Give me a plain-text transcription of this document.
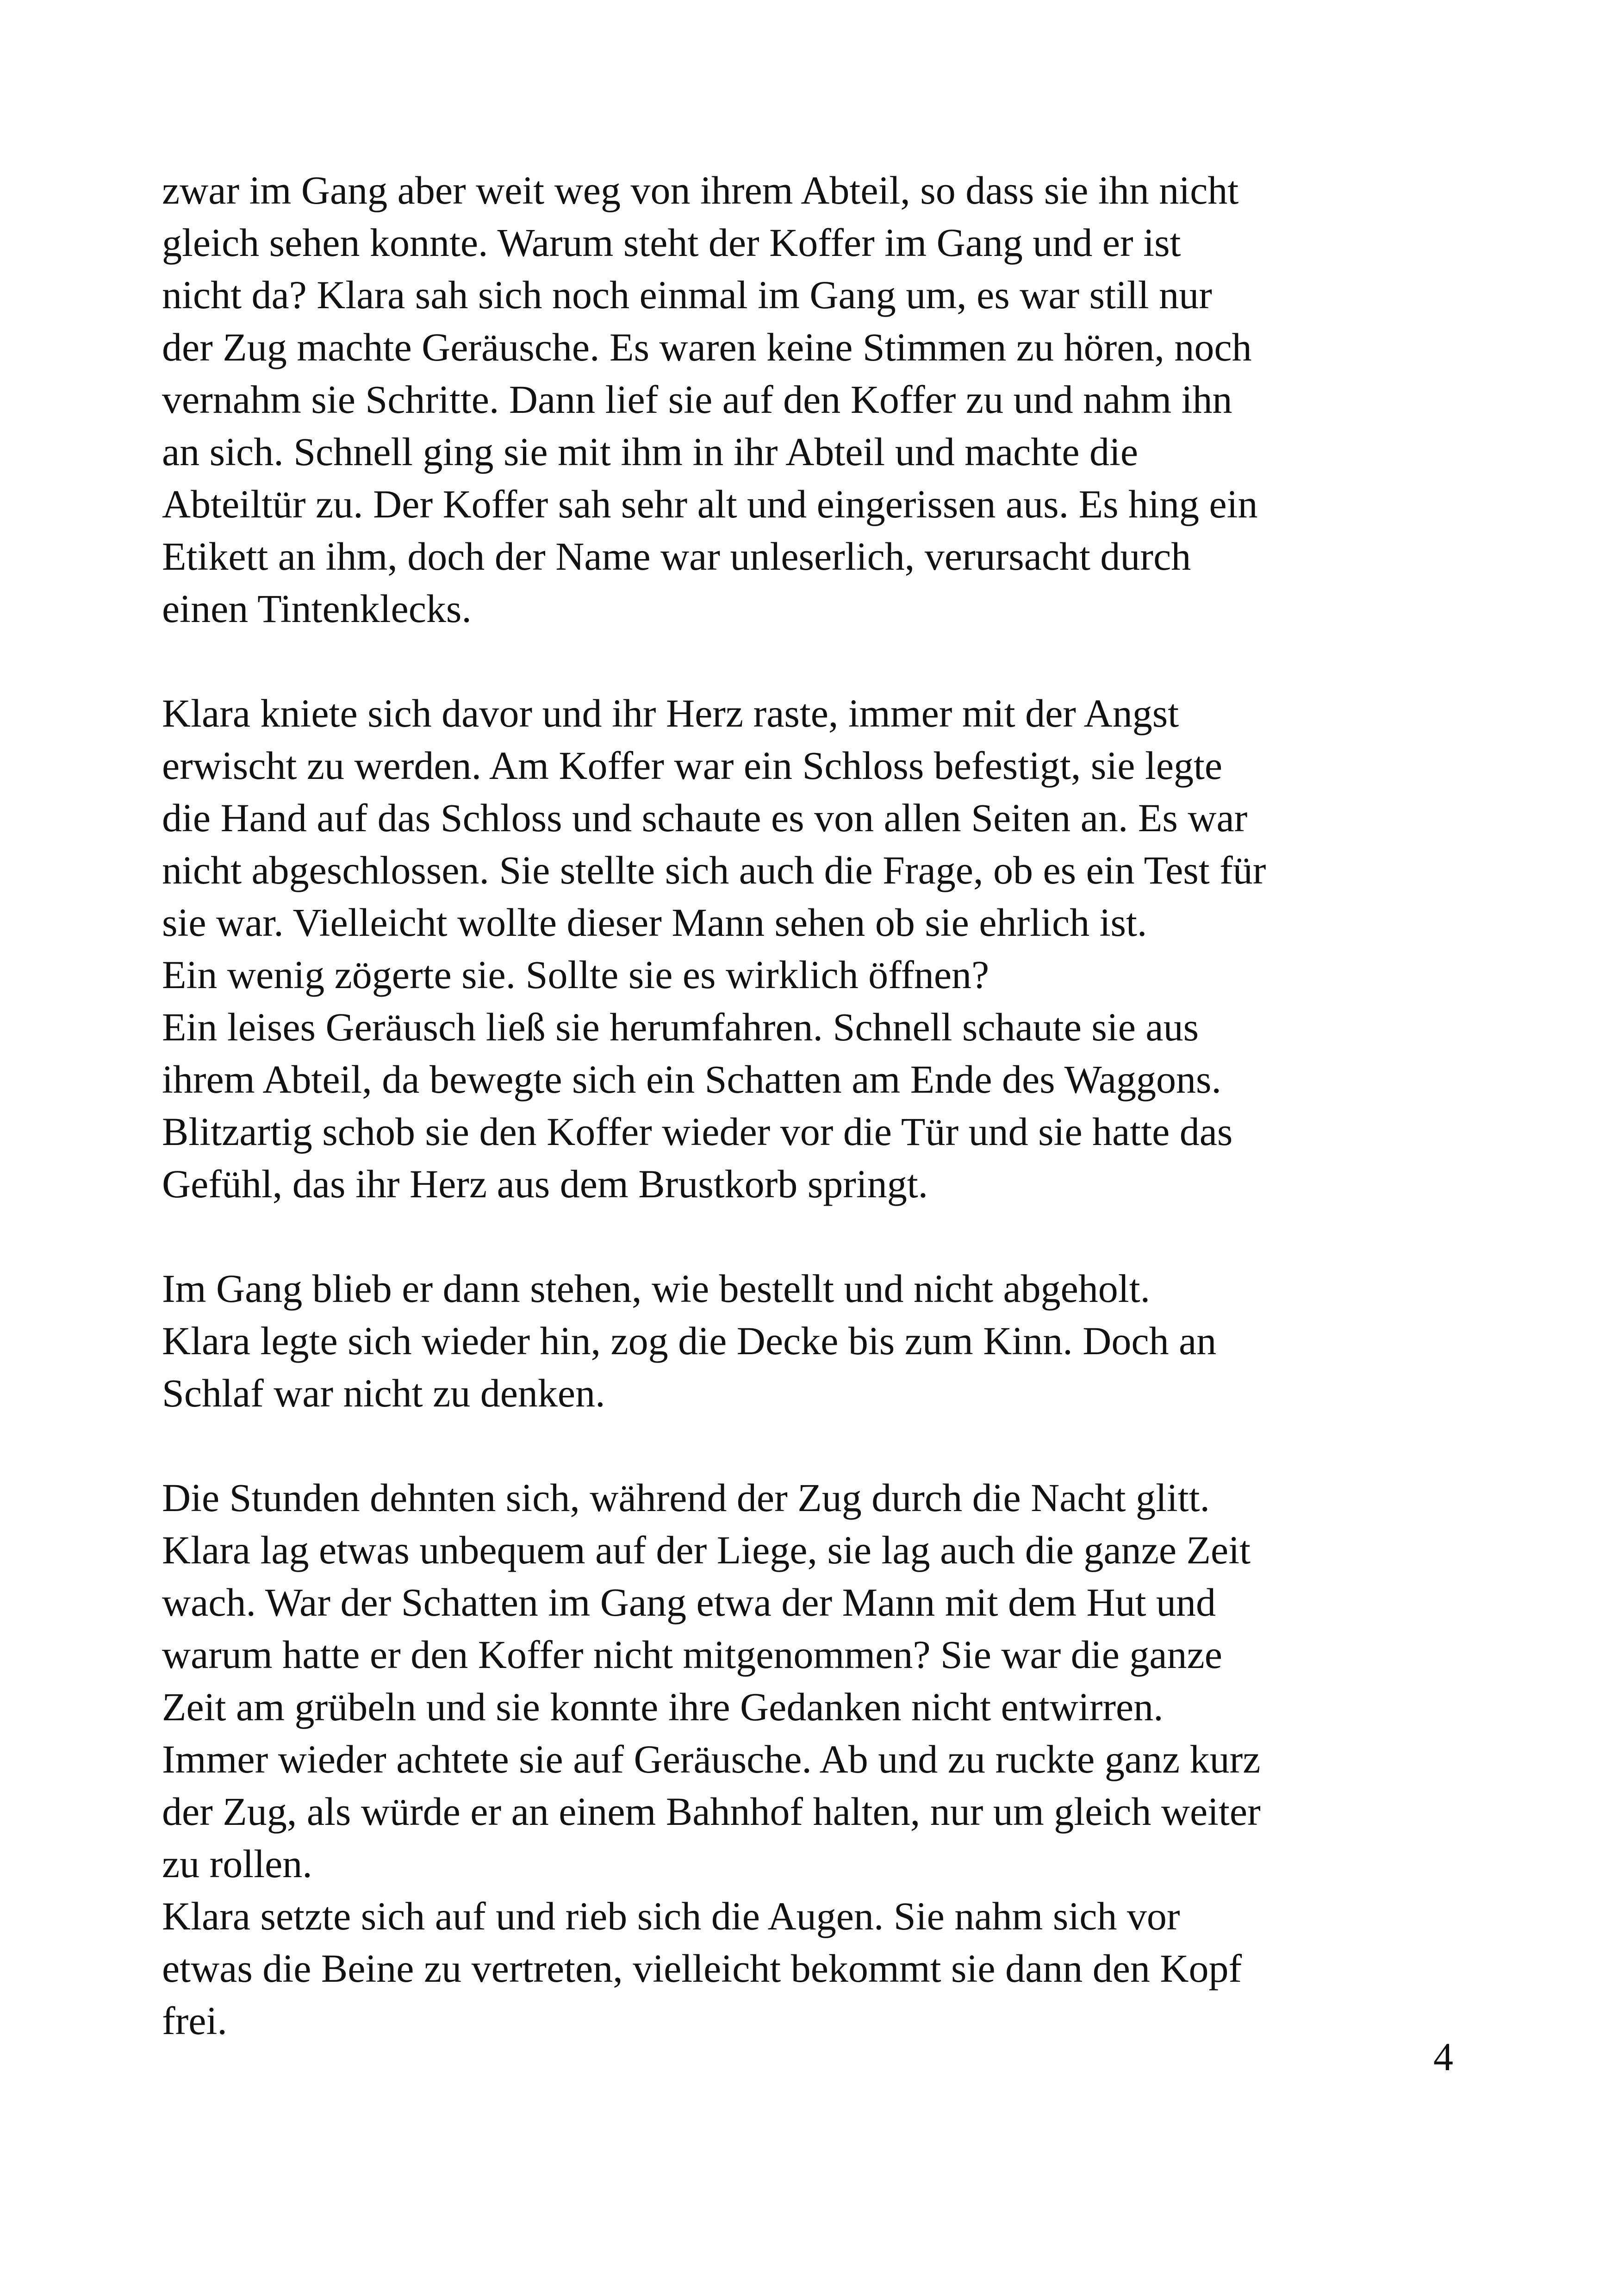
zwar im Gang aber weit weg von ihrem Abteil, so dass sie ihn nicht
gleich sehen konnte. Warum steht der Koffer im Gang und er ist
nicht da? Klara sah sich noch einmal im Gang um, es war still nur
der Zug machte Geräusche. Es waren keine Stimmen zu hören, noch
vernahm sie Schritte. Dann lief sie auf den Koffer zu und nahm ihn
an sich. Schnell ging sie mit ihm in ihr Abteil und machte die
Abteiltür zu. Der Koffer sah sehr alt und eingerissen aus. Es hing ein
Etikett an ihm, doch der Name war unleserlich, verursacht durch
einen Tintenklecks.
Klara kniete sich davor und ihr Herz raste, immer mit der Angst
erwischt zu werden. Am Koffer war ein Schloss befestigt, sie legte
die Hand auf das Schloss und schaute es von allen Seiten an. Es war
nicht abgeschlossen. Sie stellte sich auch die Frage, ob es ein Test für
sie war. Vielleicht wollte dieser Mann sehen ob sie ehrlich ist.
Ein wenig zögerte sie. Sollte sie es wirklich öffnen?
Ein leises Geräusch ließ sie herumfahren. Schnell schaute sie aus
ihrem Abteil, da bewegte sich ein Schatten am Ende des Waggons.
Blitzartig schob sie den Koffer wieder vor die Tür und sie hatte das
Gefühl, das ihr Herz aus dem Brustkorb springt.
Im Gang blieb er dann stehen, wie bestellt und nicht abgeholt.
Klara legte sich wieder hin, zog die Decke bis zum Kinn. Doch an
Schlaf war nicht zu denken.
Die Stunden dehnten sich, während der Zug durch die Nacht glitt.
Klara lag etwas unbequem auf der Liege, sie lag auch die ganze Zeit
wach. War der Schatten im Gang etwa der Mann mit dem Hut und
warum hatte er den Koffer nicht mitgenommen? Sie war die ganze
Zeit am grübeln und sie konnte ihre Gedanken nicht entwirren.
Immer wieder achtete sie auf Geräusche. Ab und zu ruckte ganz kurz
der Zug, als würde er an einem Bahnhof halten, nur um gleich weiter
zu rollen.
Klara setzte sich auf und rieb sich die Augen. Sie nahm sich vor
etwas die Beine zu vertreten, vielleicht bekommt sie dann den Kopf
frei.
4
